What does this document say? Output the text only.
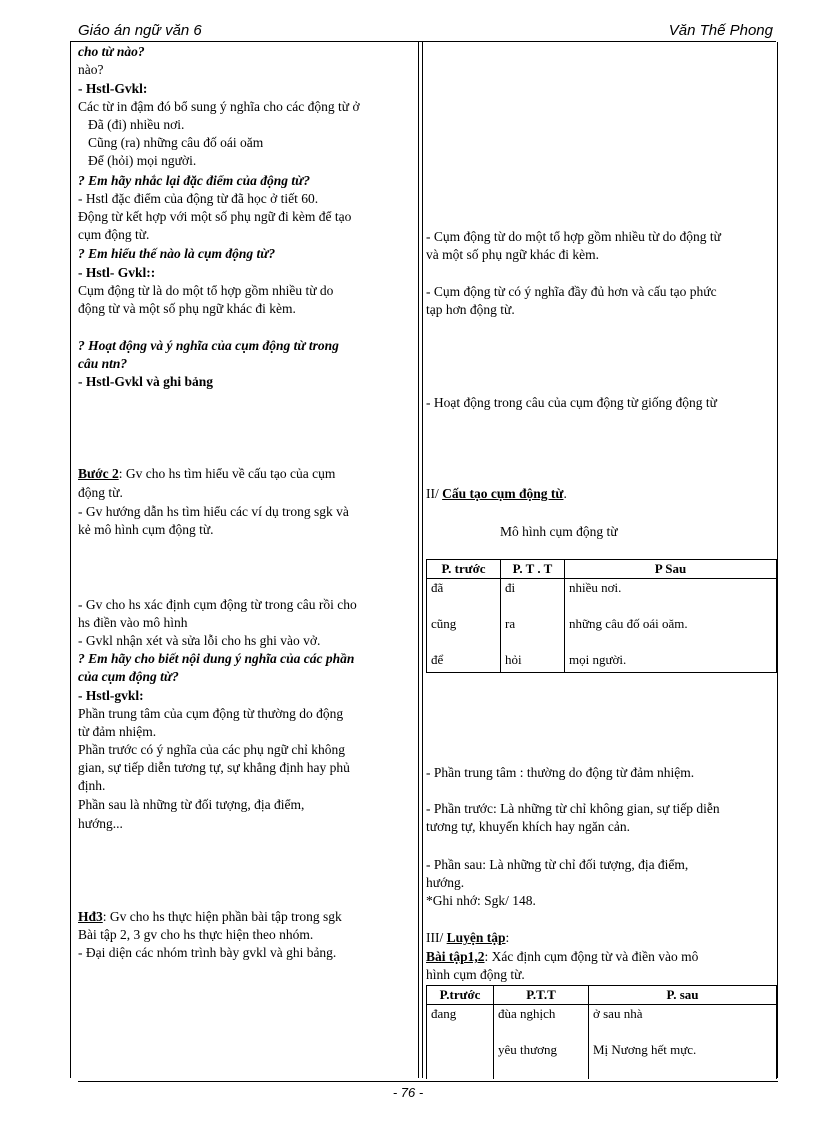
Giáo án ngữ văn 6	Văn Thế Phong
cho từ nào?
nào?
- Hstl-Gvkl:
Các từ in đậm đó bổ sung ý nghĩa cho các động từ ở
Đã (đi) nhiều nơi.
Cũng (ra) những câu đố oái oăm
Để (hỏi) mọi người.
? Em hãy nhắc lại đặc điểm của động từ?
- Hstl đặc điểm của động từ đã học ở tiết 60.
Động từ kết hợp với một số phụ ngữ đi kèm để tạo
cụm động từ.
? Em hiểu thế nào là cụm động từ?
- Hstl- Gvkl::
Cụm động từ là do một tổ hợp gồm nhiều từ do
động từ và một số phụ ngữ khác đi kèm.
? Hoạt động và ý nghĩa của cụm động từ trong
câu ntn?
- Hstl-Gvkl và ghi bảng
Bước 2: Gv cho hs tìm hiểu về cấu tạo của cụm
động từ.
- Gv hướng dẫn hs tìm hiểu các ví dụ trong sgk và
kẻ mô hình cụm động từ.
- Gv cho hs xác định cụm động từ trong câu rồi cho
hs điền vào mô hình
- Gvkl nhận xét và sửa lỗi cho hs ghi vào vở.
? Em hãy cho biết nội dung ý nghĩa của các phần
của cụm động từ?
- Hstl-gvkl:
Phần trung tâm của cụm động từ thường do động
từ đảm nhiệm.
Phần trước có ý nghĩa của các phụ ngữ chỉ không
gian, sự tiếp diễn tương tự, sự khẳng định hay phủ
định.
Phần sau là những từ đối tượng, địa điểm,
hướng...
Hđ3: Gv cho hs thực hiện phần bài tập trong sgk
Bài tập 2, 3 gv cho hs thực hiện theo nhóm.
- Đại diện các nhóm trình bày gvkl và ghi bảng.
- Cụm động từ do một tổ hợp gồm nhiều từ do động từ
và một số phụ ngữ khác đi kèm.
- Cụm động từ có ý nghĩa đầy đủ hơn và cấu tạo phức
tạp hơn động từ.
- Hoạt động trong câu của cụm động từ giống động từ
II/ Cấu tạo cụm động từ.
Mô hình cụm động từ
P. trước	P. T . T	P Sau
đã	đi	nhiều nơi.
cũng	ra	những câu đố oái oăm.
để	hỏi	mọi người.
- Phần trung tâm : thường do động từ đảm nhiệm.
- Phần trước: Là những từ chỉ không gian, sự tiếp diễn
tương tự, khuyến khích hay ngăn cản.
- Phần sau: Là những từ chỉ đối tượng, địa điểm,
hướng.
*Ghi nhớ: Sgk/ 148.
III/ Luyện tập:
Bài tập1,2: Xác định cụm động từ và điền vào mô
hình cụm động từ.
P.trước	P.T.T	P. sau
đang	đùa nghịch	ở sau nhà
	yêu thương	Mị Nương hết mực.
- 76 -
